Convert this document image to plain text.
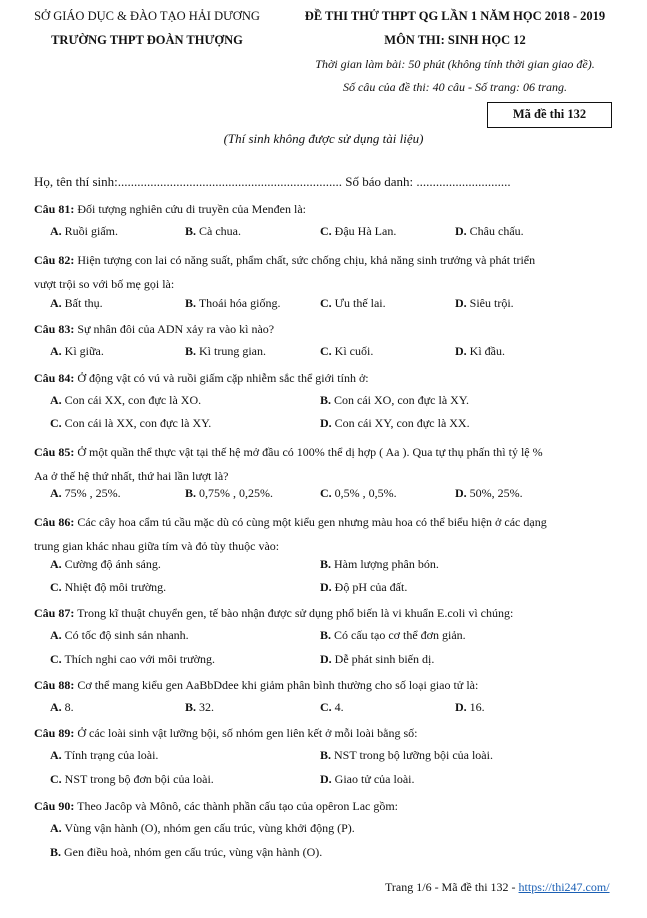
SỞ GIÁO DỤC & ĐÀO TẠO HẢI DƯƠNG
TRƯỜNG THPT ĐOÀN THƯỢNG
ĐỀ THI THỬ THPT QG LẦN 1 NĂM HỌC 2018 - 2019
MÔN THI: SINH HỌC 12
Thời gian làm bài: 50 phút (không tính thời gian giao đề).
Số câu của đề thi: 40 câu - Số trang: 06 trang.
Mã đề thi 132
(Thí sinh không được sử dụng tài liệu)
Họ, tên thí sinh:..................................................................... Số báo danh: .............................
Câu 81: Đối tượng nghiên cứu di truyền của Menđen là:
A. Ruồi giấm.	B. Cà chua.	C. Đậu Hà Lan.	D. Châu chấu.
Câu 82: Hiện tượng con lai có năng suất, phẩm chất, sức chống chịu, khả năng sinh trưởng và phát triển
vượt trội so với bố mẹ gọi là:
A. Bất thụ.	B. Thoái hóa giống.	C. Ưu thế lai.	D. Siêu trội.
Câu 83: Sự nhân đôi của ADN xảy ra vào kì nào?
A. Kì giữa.	B. Kì trung gian.	C. Kì cuối.	D. Kì đầu.
Câu 84: Ở động vật có vú và ruồi giấm cặp nhiễm sắc thể giới tính ở:
A. Con cái XX, con đực là XO.	B. Con cái XO, con đực là XY.
C. Con cái là XX, con đực là XY.	D. Con cái XY, con đực là XX.
Câu 85: Ở một quần thể thực vật tại thế hệ mở đầu có 100% thể dị hợp ( Aa ). Qua tự thụ phấn thì tỷ lệ %
Aa ở thế hệ thứ nhất, thứ hai lần lượt là?
A. 75% , 25%.	B. 0,75% , 0,25%.	C. 0,5% , 0,5%.	D. 50%, 25%.
Câu 86: Các cây hoa cẩm tú cầu mặc dù có cùng một kiểu gen nhưng màu hoa có thể biểu hiện ở các dạng
trung gian khác nhau giữa tím và đỏ tùy thuộc vào:
A. Cường độ ánh sáng.	B. Hàm lượng phân bón.
C. Nhiệt độ môi trường.	D. Độ pH của đất.
Câu 87: Trong kĩ thuật chuyển gen, tế bào nhận được sử dụng phổ biến là vi khuẩn E.coli vì chúng:
A. Có tốc độ sinh sản nhanh.	B. Có cấu tạo cơ thể đơn giản.
C. Thích nghi cao với môi trường.	D. Dễ phát sinh biến dị.
Câu 88: Cơ thể mang kiểu gen AaBbDdee khi giảm phân bình thường cho số loại giao tử là:
A. 8.	B. 32.	C. 4.	D. 16.
Câu 89: Ở các loài sinh vật lưỡng bội, số nhóm gen liên kết ở mỗi loài bằng số:
A. Tính trạng của loài.	B. NST trong bộ lưỡng bội của loài.
C. NST trong bộ đơn bội của loài.	D. Giao tử của loài.
Câu 90: Theo Jacôp và Mônô, các thành phần cấu tạo của opêron Lac gồm:
A. Vùng vận hành (O), nhóm gen cấu trúc, vùng khởi động (P).
B. Gen điều hoà, nhóm gen cấu trúc, vùng vận hành (O).
Trang 1/6 - Mã đề thi 132 - https://thi247.com/
